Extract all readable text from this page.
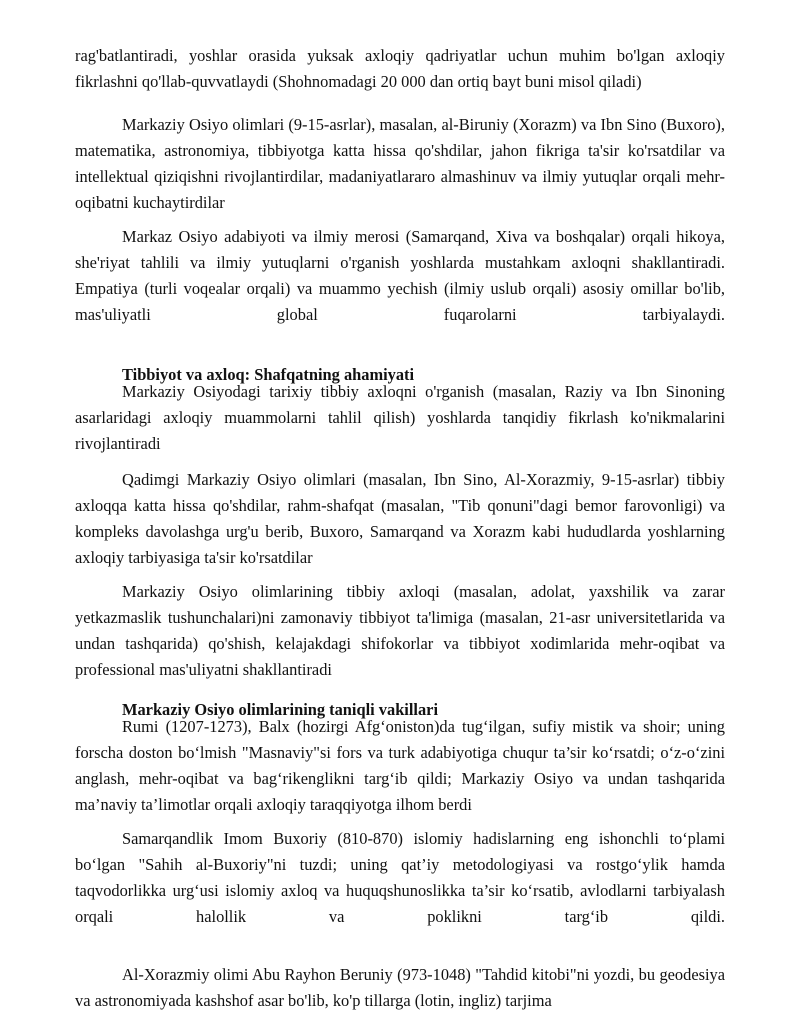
rag'batlantiradi, yoshlar orasida yuksak axloqiy qadriyatlar uchun muhim bo'lgan axloqiy fikrlashni qo'llab-quvvatlaydi (Shohnomadagi 20 000 dan ortiq bayt buni misol qiladi)

Markaziy Osiyo olimlari (9-15-asrlar), masalan, al-Biruniy (Xorazm) va Ibn Sino (Buxoro), matematika, astronomiya, tibbiyotga katta hissa qo'shdilar, jahon fikriga ta'sir ko'rsatdilar va intellektual qiziqishni rivojlantirdilar, madaniyatlararo almashinuv va ilmiy yutuqlar orqali mehr-oqibatni kuchaytirdilar

Markaz Osiyo adabiyoti va ilmiy merosi (Samarqand, Xiva va boshqalar) orqali hikoya, she'riyat tahlili va ilmiy yutuqlarni o'rganish yoshlarda mustahkam axloqni shakllantiradi. Empatiya (turli voqealar orqali) va muammo yechish (ilmiy uslub orqali) asosiy omillar bo'lib, mas'uliyatli global fuqarolarni tarbiyalaydi.

Tibbiyot va axloq: Shafqatning ahamiyati

Markaziy Osiyodagi tarixiy tibbiy axloqni o'rganish (masalan, Raziy va Ibn Sinoning asarlaridagi axloqiy muammolarni tahlil qilish) yoshlarda tanqidiy fikrlash ko'nikmalarini rivojlantiradi

Qadimgi Markaziy Osiyo olimlari (masalan, Ibn Sino, Al-Xorazmiy, 9-15-asrlar) tibbiy axloqqa katta hissa qo'shdilar, rahm-shafqat (masalan, "Tib qonuni"dagi bemor farovonligi) va kompleks davolashga urg'u berib, Buxoro, Samarqand va Xorazm kabi hududlarda yoshlarning axloqiy tarbiyasiga ta'sir ko'rsatdilar

Markaziy Osiyo olimlarining tibbiy axloqi (masalan, adolat, yaxshilik va zarar yetkazmaslik tushunchalari)ni zamonaviy tibbiyot ta'limiga (masalan, 21-asr universitetlarida va undan tashqarida) qo'shish, kelajakdagi shifokorlar va tibbiyot xodimlarida mehr-oqibat va professional mas'uliyatni shakllantiradi

Markaziy Osiyo olimlarining taniqli vakillari

Rumi (1207-1273), Balx (hozirgi Afg‘oniston)da tug‘ilgan, sufiy mistik va shoir; uning forscha doston bo‘lmish "Masnaviy"si fors va turk adabiyotiga chuqur ta’sir ko‘rsatdi; o‘z-o‘zini anglash, mehr-oqibat va bag‘rikenglikni targ‘ib qildi; Markaziy Osiyo va undan tashqarida ma’naviy ta’limotlar orqali axloqiy taraqqiyotga ilhom berdi

Samarqandlik Imom Buxoriy (810-870) islomiy hadislarning eng ishonchli to‘plami bo‘lgan "Sahih al-Buxoriy"ni tuzdi; uning qat’iy metodologiyasi va rostgo‘ylik hamda taqvodorlikka urg‘usi islomiy axloq va huquqshunoslikka ta’sir ko‘rsatib, avlodlarni tarbiyalash orqali halollik va poklikni targ‘ib qildi.

Al-Xorazmiy olimi Abu Rayhon Beruniy (973-1048) "Tahdid kitobi"ni yozdi, bu geodesiya va astronomiyada kashshof asar bo'lib, ko'p tillarga (lotin, ingliz) tarjima
